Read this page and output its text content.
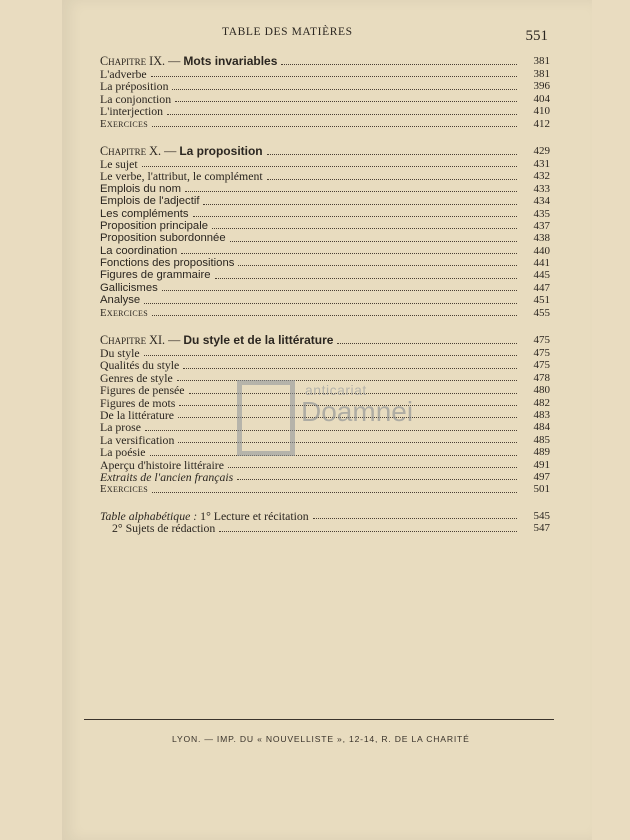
TABLE DES MATIÈRES	551
Chapitre IX. — Mots invariables	381
L'adverbe	381
La préposition	396
La conjonction	404
L'interjection	410
Exercices	412
Chapitre X. — La proposition	429
Le sujet	431
Le verbe, l'attribut, le complément	432
Emplois du nom	433
Emplois de l'adjectif	434
Les compléments	435
Proposition principale	437
Proposition subordonnée	438
La coordination	440
Fonctions des propositions	441
Figures de grammaire	445
Gallicismes	447
Analyse	451
Exercices	455
Chapitre XI. — Du style et de la littérature	475
Du style	475
Qualités du style	475
Genres de style	478
Figures de pensée	480
Figures de mots	482
De la littérature	483
La prose	484
La versification	485
La poésie	489
Aperçu d'histoire littéraire	491
Extraits de l'ancien français	497
Exercices	501
Table alphabétique : 1° Lecture et récitation	545
2° Sujets de rédaction	547
anticariat
Doamnei
LYON. — IMP. DU « NOUVELLISTE », 12-14, R. DE LA CHARITÉ
